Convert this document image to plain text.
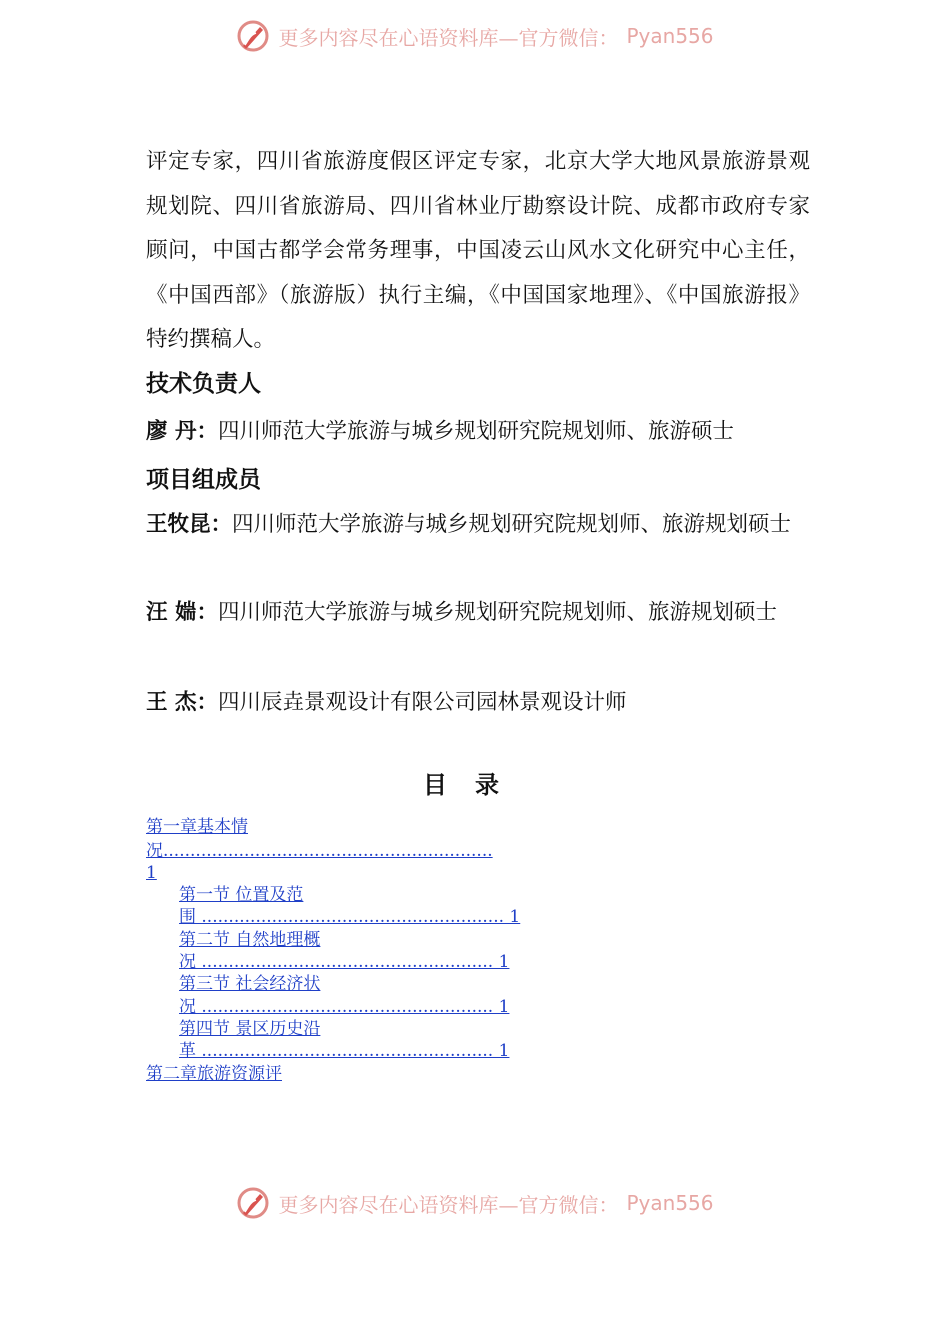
更多内容尽在心语资料库—官方微信： Pyan556
评定专家，四川省旅游度假区评定专家，北京大学大地风景旅游景观规划院、四川省旅游局、四川省林业厅勘察设计院、成都市政府专家顾问，中国古都学会常务理事，中国凌云山风水文化研究中心主任，《中国西部》（旅游版）执行主编，《中国国家地理》、《中国旅游报》特约撰稿人。
技术负责人
廖 丹：四川师范大学旅游与城乡规划研究院规划师、旅游硕士
项目组成员
王牧昆：四川师范大学旅游与城乡规划研究院规划师、旅游规划硕士
汪 媏：四川师范大学旅游与城乡规划研究院规划师、旅游规划硕士
王 杰：四川辰垚景观设计有限公司园林景观设计师
目录
第一章基本情
况.............................................................
1
第一节 位置及范
围 ........................................................ 1
第二节 自然地理概
况 ...................................................... 1
第三节 社会经济状
况 ...................................................... 1
第四节 景区历史沿
革 ...................................................... 1
第二章旅游资源评
更多内容尽在心语资料库—官方微信： Pyan556
